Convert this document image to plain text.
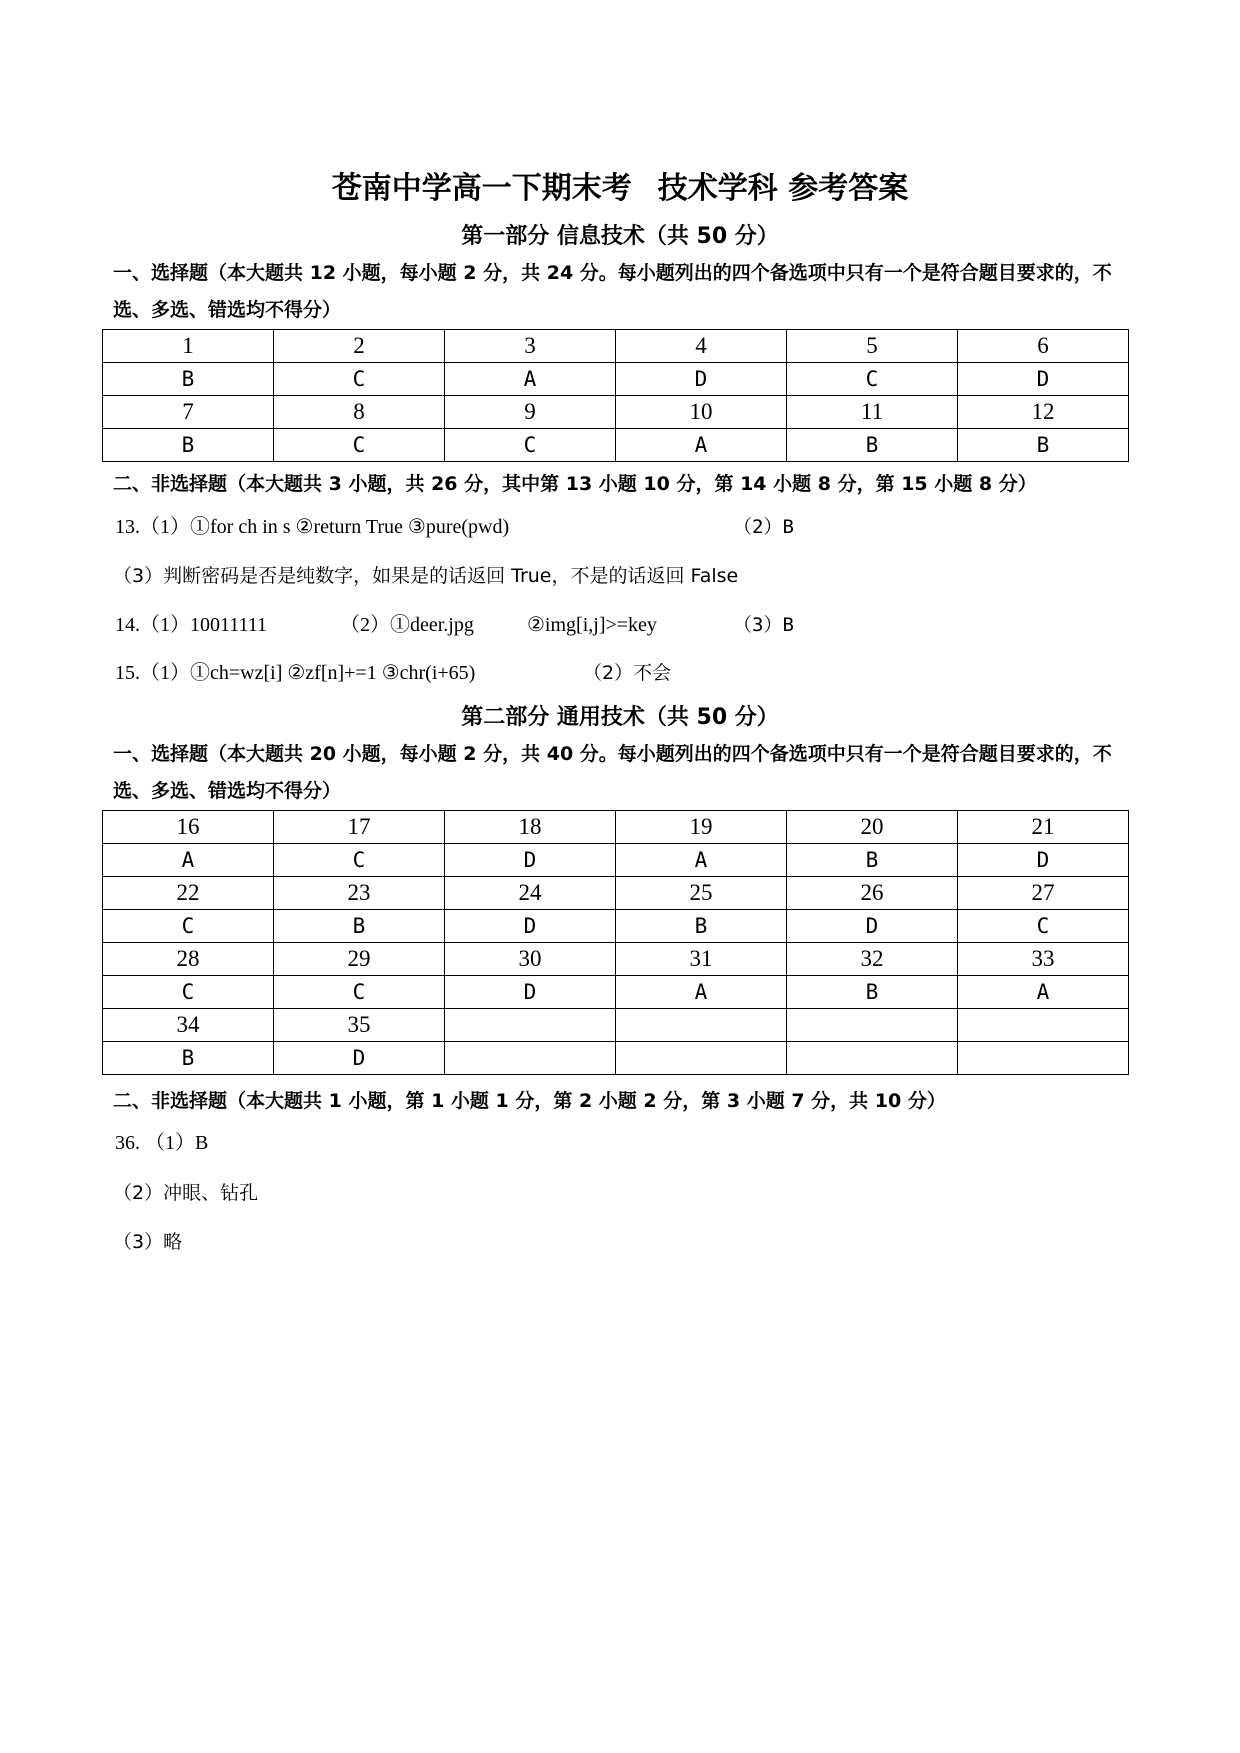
苍南中学高一下期末考 技术学科 参考答案
第一部分 信息技术（共 50 分）

一、选择题（本大题共 12 小题，每小题 2 分，共 24 分。每小题列出的四个备选项中只有一个是符合题目要求的，不选、多选、错选均不得分）

1	2	3	4	5	6
B	C	A	D	C	D
7	8	9	10	11	12
B	C	C	A	B	B

二、非选择题（本大题共 3 小题，共 26 分，其中第 13 小题 10 分，第 14 小题 8 分，第 15 小题 8 分）

13.（1）①for ch in s ②return True ③pure(pwd)	（2）B

（3）判断密码是否是纯数字，如果是的话返回 True，不是的话返回 False

14.（1）10011111	（2）①deer.jpg	②img[i,j]>=key	（3）B

15.（1）①ch=wz[i] ②zf[n]+=1 ③chr(i+65)	（2）不会

第二部分 通用技术（共 50 分）

一、选择题（本大题共 20 小题，每小题 2 分，共 40 分。每小题列出的四个备选项中只有一个是符合题目要求的，不选、多选、错选均不得分）

16	17	18	19	20	21
A	C	D	A	B	D
22	23	24	25	26	27
C	B	D	B	D	C
28	29	30	31	32	33
C	C	D	A	B	A
34	35				
B	D				

二、非选择题（本大题共 1 小题，第 1 小题 1 分，第 2 小题 2 分，第 3 小题 7 分，共 10 分）

36. （1）B

（2）冲眼、钻孔

（3）略
